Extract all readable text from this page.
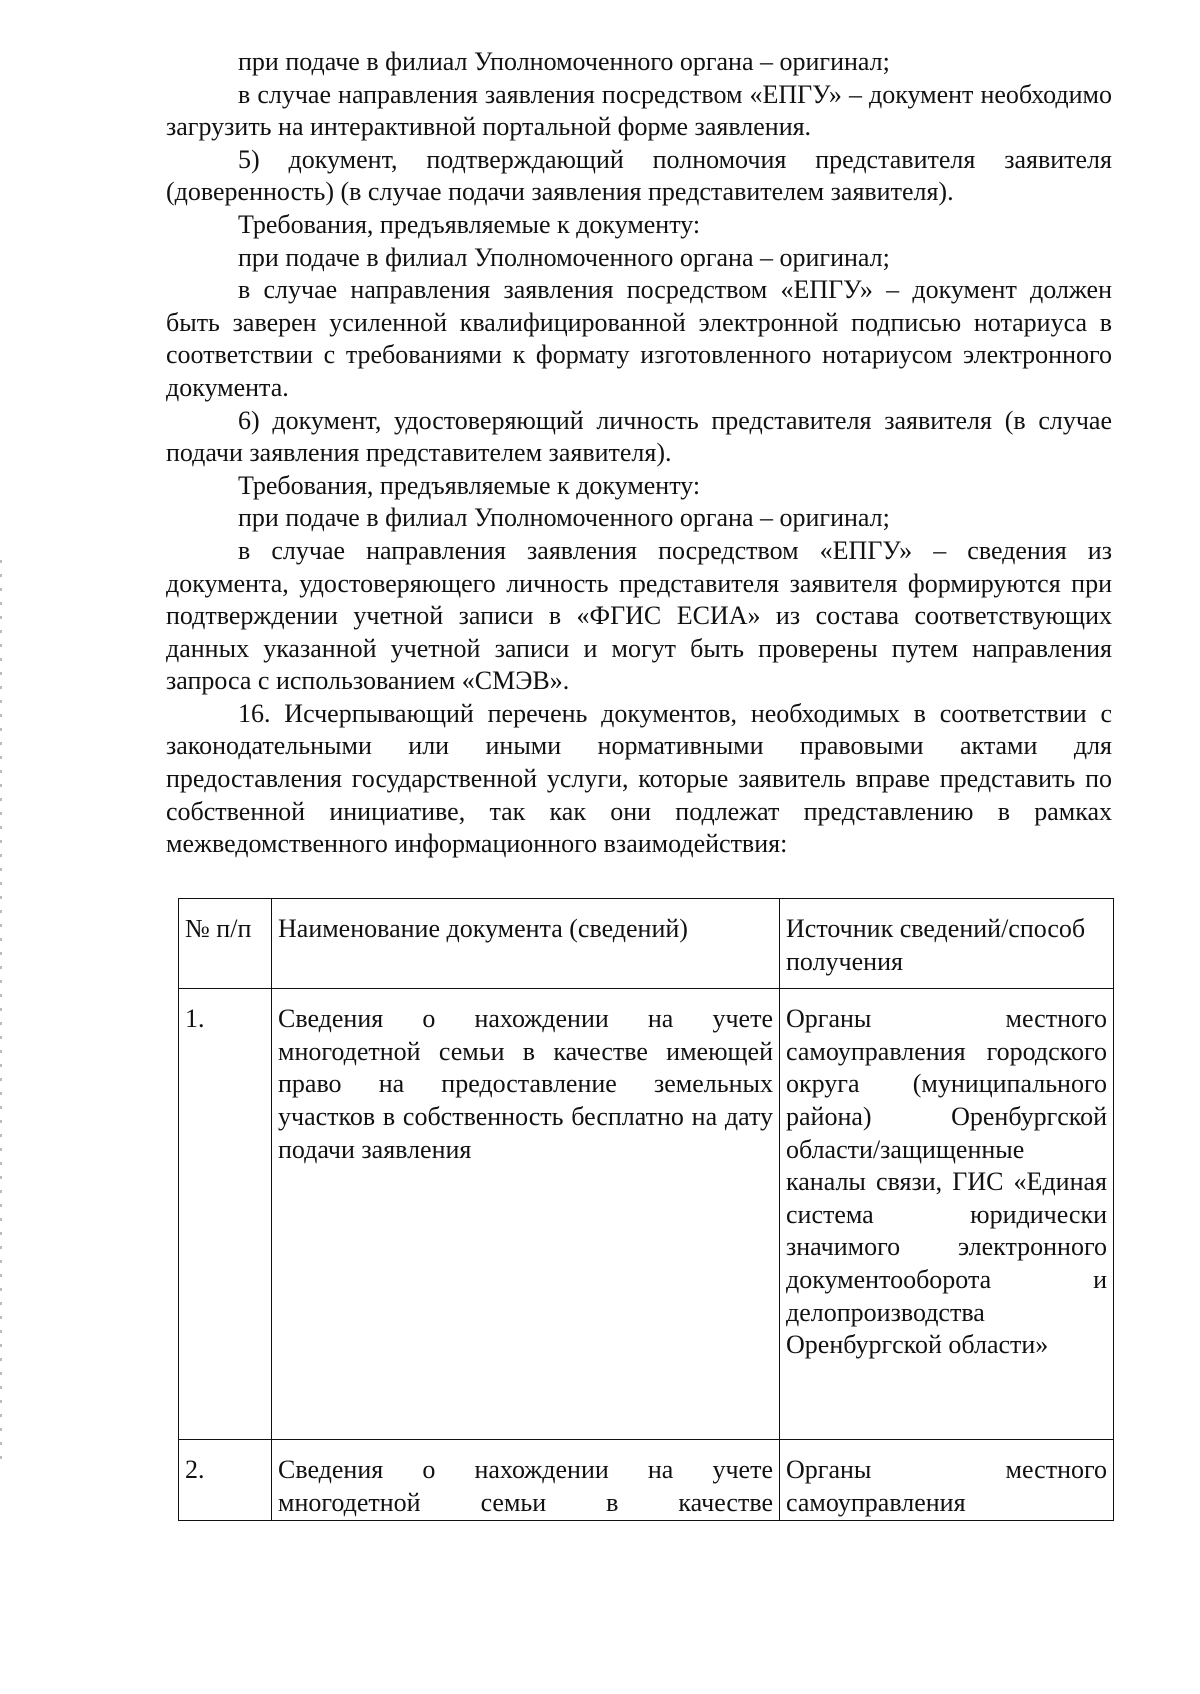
при подаче в филиал Уполномоченного органа – оригинал;

в случае направления заявления посредством «ЕПГУ» – документ необходимо загрузить на интерактивной портальной форме заявления.

5) документ, подтверждающий полномочия представителя заявителя (доверенность) (в случае подачи заявления представителем заявителя).

Требования, предъявляемые к документу:

при подаче в филиал Уполномоченного органа – оригинал;

в случае направления заявления посредством «ЕПГУ» – документ должен быть заверен усиленной квалифицированной электронной подписью нотариуса в соответствии с требованиями к формату изготовленного нотариусом электронного документа.

6) документ, удостоверяющий личность представителя заявителя (в случае подачи заявления представителем заявителя).

Требования, предъявляемые к документу:

при подаче в филиал Уполномоченного органа – оригинал;

в случае направления заявления посредством «ЕПГУ» – сведения из документа, удостоверяющего личность представителя заявителя формируются при подтверждении учетной записи в «ФГИС ЕСИА» из состава соответствующих данных указанной учетной записи и могут быть проверены путем направления запроса с использованием «СМЭВ».

16. Исчерпывающий перечень документов, необходимых в соответствии с законодательными или иными нормативными правовыми актами для предоставления государственной услуги, которые заявитель вправе представить по собственной инициативе, так как они подлежат представлению в рамках межведомственного информационного взаимодействия:

№ п/п	Наименование документа (сведений)	Источник сведений/способ получения
1.	Сведения о нахождении на учете многодетной семьи в качестве имеющей право на предоставление земельных участков в собственность бесплатно на дату подачи заявления	Органы местного самоуправления городского округа (муниципального района) Оренбургской области/защищенные каналы связи, ГИС «Единая система юридически значимого электронного документооборота и делопроизводства Оренбургской области»
2.	Сведения о нахождении на учете многодетной семьи в качестве	Органы местного самоуправления
